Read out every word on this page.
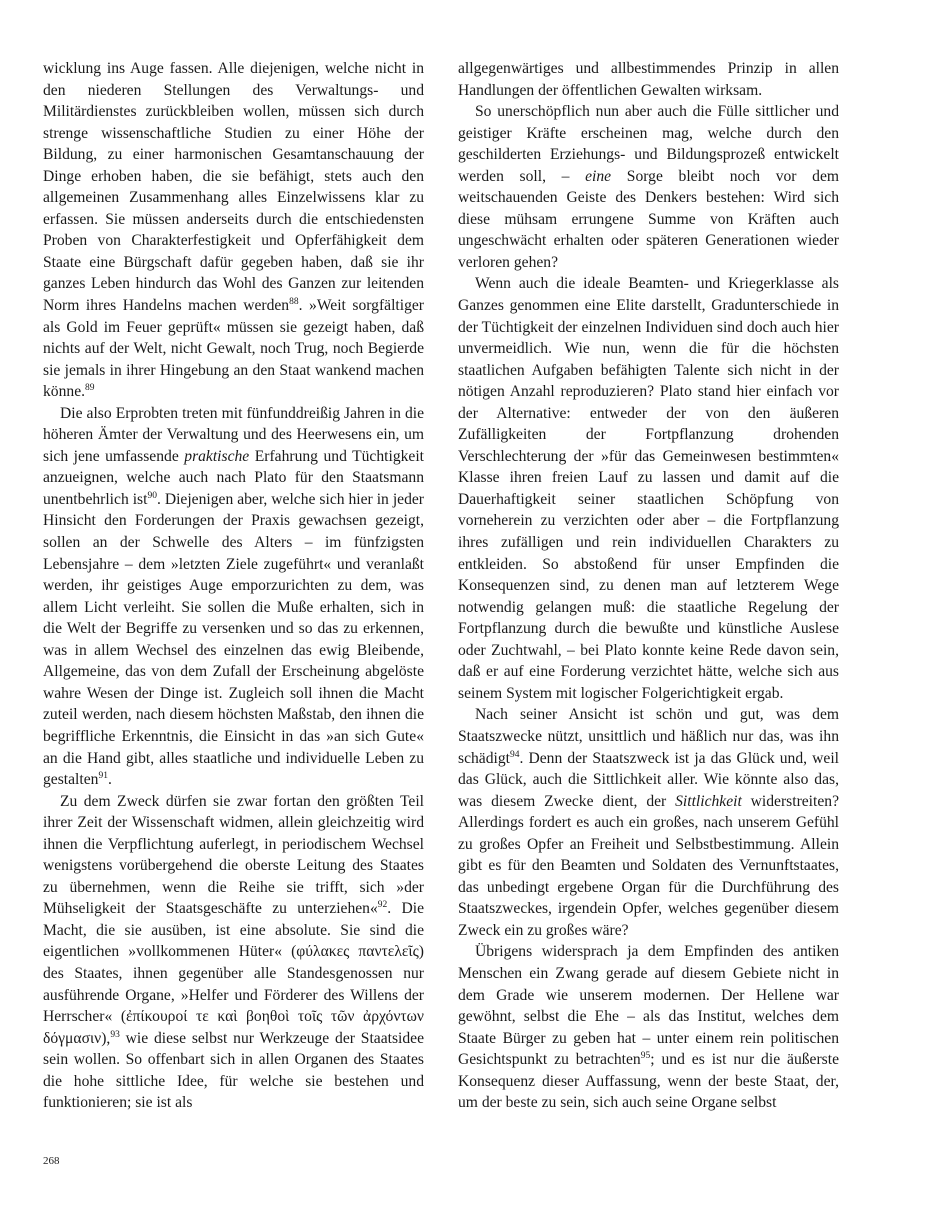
wicklung ins Auge fassen. Alle diejenigen, welche nicht in den niederen Stellungen des Verwaltungs- und Militärdienstes zurückbleiben wollen, müssen sich durch strenge wissenschaftliche Studien zu einer Höhe der Bildung, zu einer harmonischen Gesamtanschauung der Dinge erhoben haben, die sie befähigt, stets auch den allgemeinen Zusammenhang alles Einzelwissens klar zu erfassen. Sie müssen anderseits durch die entschiedensten Proben von Charakterfestigkeit und Opferfähigkeit dem Staate eine Bürgschaft dafür gegeben haben, daß sie ihr ganzes Leben hindurch das Wohl des Ganzen zur leitenden Norm ihres Handelns machen werden$^{88}$. »Weit sorgfältiger als Gold im Feuer geprüft« müssen sie gezeigt haben, daß nichts auf der Welt, nicht Gewalt, noch Trug, noch Begierde sie jemals in ihrer Hingebung an den Staat wankend machen könne.$^{89}$

Die also Erprobten treten mit fünfunddreißig Jahren in die höheren Ämter der Verwaltung und des Heerwesens ein, um sich jene umfassende praktische Erfahrung und Tüchtigkeit anzueignen, welche auch nach Plato für den Staatsmann unentbehrlich ist$^{90}$. Diejenigen aber, welche sich hier in jeder Hinsicht den Forderungen der Praxis gewachsen gezeigt, sollen an der Schwelle des Alters – im fünfzigsten Lebensjahre – dem »letzten Ziele zugeführt« und veranlaßt werden, ihr geistiges Auge emporzurichten zu dem, was allem Licht verleiht. Sie sollen die Muße erhalten, sich in die Welt der Begriffe zu versenken und so das zu erkennen, was in allem Wechsel des einzelnen das ewig Bleibende, Allgemeine, das von dem Zufall der Erscheinung abgelöste wahre Wesen der Dinge ist. Zugleich soll ihnen die Macht zuteil werden, nach diesem höchsten Maßstab, den ihnen die begriffliche Erkenntnis, die Einsicht in das »an sich Gute« an die Hand gibt, alles staatliche und individuelle Leben zu gestalten$^{91}$.

Zu dem Zweck dürfen sie zwar fortan den größten Teil ihrer Zeit der Wissenschaft widmen, allein gleichzeitig wird ihnen die Verpflichtung auferlegt, in periodischem Wechsel wenigstens vorübergehend die oberste Leitung des Staates zu übernehmen, wenn die Reihe sie trifft, sich »der Mühseligkeit der Staatsgeschäfte zu unterziehen«$^{92}$. Die Macht, die sie ausüben, ist eine absolute. Sie sind die eigentlichen »vollkommenen Hüter« (φύλακες παντελεῖς) des Staates, ihnen gegenüber alle Standesgenossen nur ausführende Organe, »Helfer und Förderer des Willens der Herrscher« (ἐπίκουροί τε καὶ βοηθοὶ τοῖς τῶν ἀρχόντων δόγμασιν),$^{93}$ wie diese selbst nur Werkzeuge der Staatsidee sein wollen. So offenbart sich in allen Organen des Staates die hohe sittliche Idee, für welche sie bestehen und funktionieren; sie ist als

allgegenwärtiges und allbestimmendes Prinzip in allen Handlungen der öffentlichen Gewalten wirksam.

So unerschöpflich nun aber auch die Fülle sittlicher und geistiger Kräfte erscheinen mag, welche durch den geschilderten Erziehungs- und Bildungsprozeß entwickelt werden soll, – eine Sorge bleibt noch vor dem weitschauenden Geiste des Denkers bestehen: Wird sich diese mühsam errungene Summe von Kräften auch ungeschwächt erhalten oder späteren Generationen wieder verloren gehen?

Wenn auch die ideale Beamten- und Kriegerklasse als Ganzes genommen eine Elite darstellt, Gradunterschiede in der Tüchtigkeit der einzelnen Individuen sind doch auch hier unvermeidlich. Wie nun, wenn die für die höchsten staatlichen Aufgaben befähigten Talente sich nicht in der nötigen Anzahl reproduzieren? Plato stand hier einfach vor der Alternative: entweder der von den äußeren Zufälligkeiten der Fortpflanzung drohenden Verschlechterung der »für das Gemeinwesen bestimmten« Klasse ihren freien Lauf zu lassen und damit auf die Dauerhaftigkeit seiner staatlichen Schöpfung von vorneherein zu verzichten oder aber – die Fortpflanzung ihres zufälligen und rein individuellen Charakters zu entkleiden. So abstoßend für unser Empfinden die Konsequenzen sind, zu denen man auf letzterem Wege notwendig gelangen muß: die staatliche Regelung der Fortpflanzung durch die bewußte und künstliche Auslese oder Zuchtwahl, – bei Plato konnte keine Rede davon sein, daß er auf eine Forderung verzichtet hätte, welche sich aus seinem System mit logischer Folgerichtigkeit ergab.

Nach seiner Ansicht ist schön und gut, was dem Staatszwecke nützt, unsittlich und häßlich nur das, was ihn schädigt$^{94}$. Denn der Staatszweck ist ja das Glück und, weil das Glück, auch die Sittlichkeit aller. Wie könnte also das, was diesem Zwecke dient, der Sittlichkeit widerstreiten? Allerdings fordert es auch ein großes, nach unserem Gefühl zu großes Opfer an Freiheit und Selbstbestimmung. Allein gibt es für den Beamten und Soldaten des Vernunftstaates, das unbedingt ergebene Organ für die Durchführung des Staatszweckes, irgendein Opfer, welches gegenüber diesem Zweck ein zu großes wäre?

Übrigens widersprach ja dem Empfinden des antiken Menschen ein Zwang gerade auf diesem Gebiete nicht in dem Grade wie unserem modernen. Der Hellene war gewöhnt, selbst die Ehe – als das Institut, welches dem Staate Bürger zu geben hat – unter einem rein politischen Gesichtspunkt zu betrachten$^{95}$; und es ist nur die äußerste Konsequenz dieser Auffassung, wenn der beste Staat, der, um der beste zu sein, sich auch seine Organe selbst

268
